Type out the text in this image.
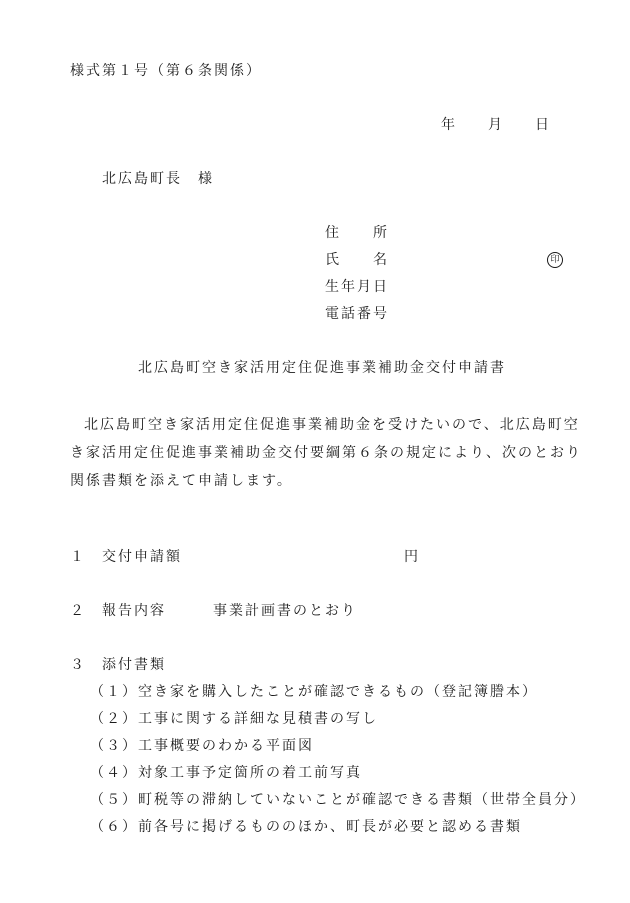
様式第１号（第６条関係）
年 月 日
北広島町長　様
住　　所
氏　　名	印
生年月日
電話番号
北広島町空き家活用定住促進事業補助金交付申請書
北広島町空き家活用定住促進事業補助金を受けたいので、北広島町空き家活用定住促進事業補助金交付要綱第６条の規定により、次のとおり関係書類を添えて申請します。
１ 交付申請額	円
２ 報告内容	事業計画書のとおり
３ 添付書類
（１）空き家を購入したことが確認できるもの（登記簿謄本）
（２）工事に関する詳細な見積書の写し
（３）工事概要のわかる平面図
（４）対象工事予定箇所の着工前写真
（５）町税等の滞納していないことが確認できる書類（世帯全員分）
（６）前各号に掲げるもののほか、町長が必要と認める書類
